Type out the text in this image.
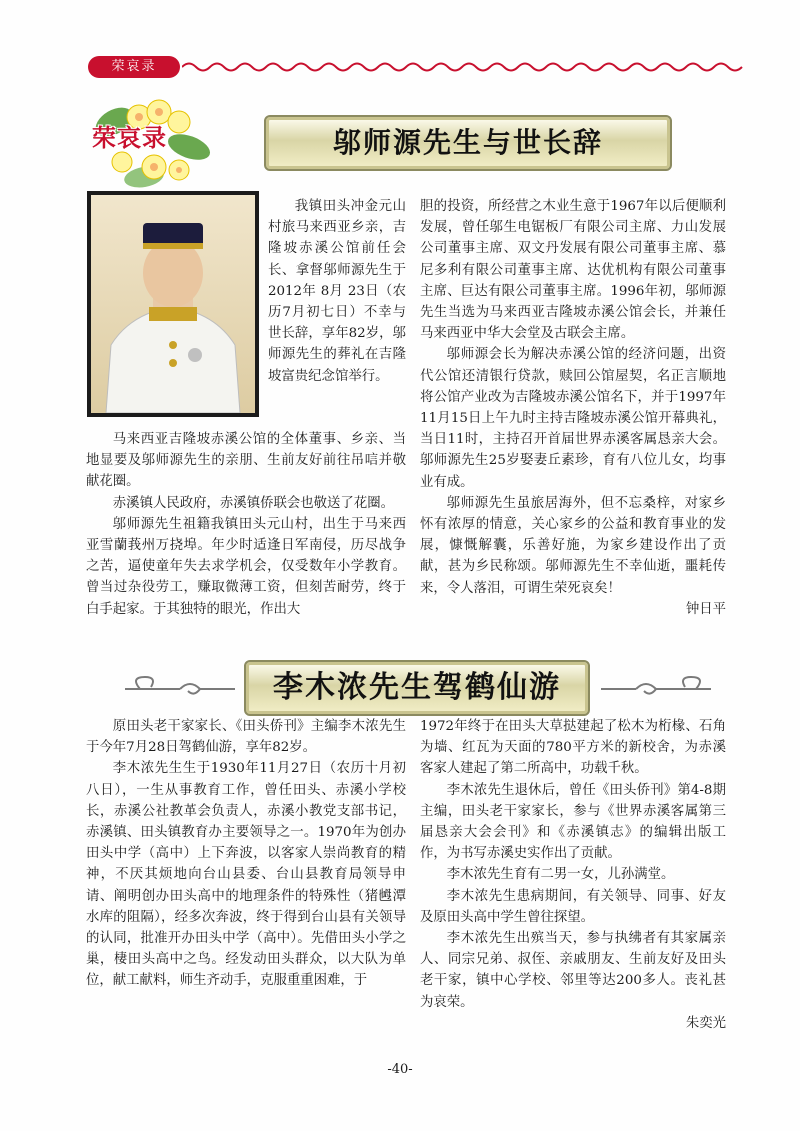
荣哀录
荣哀录	邬师源先生与世长辞

我镇田头冲金元山村旅马来西亚乡亲，吉隆坡赤溪公馆前任会长、拿督邬师源先生于2012年 8月 23日（农历7月初七日）不幸与世长辞，享年82岁，邬师源先生的葬礼在吉隆坡富贵纪念馆举行。

马来西亚吉隆坡赤溪公馆的全体董事、乡亲、当地显要及邬师源先生的亲朋、生前友好前往吊唁并敬献花圈。

赤溪镇人民政府，赤溪镇侨联会也敬送了花圈。

邬师源先生祖籍我镇田头元山村，出生于马来西亚雪蘭莪州万挠埠。年少时适逢日军南侵，历尽战争之苦，逼使童年失去求学机会，仅受数年小学教育。曾当过杂役劳工，赚取微薄工资，但刻苦耐劳，终于白手起家。于其独特的眼光，作出大

胆的投资，所经营之木业生意于1967年以后便顺利发展，曾任邬生电锯板厂有限公司主席、力山发展公司董事主席、双文丹发展有限公司董事主席、慕尼多利有限公司董事主席、达优机构有限公司董事主席、巨达有限公司董事主席。1996年初，邬师源先生当选为马来西亚吉隆坡赤溪公馆会长，并兼任马来西亚中华大会堂及古联会主席。

邬师源会长为解决赤溪公馆的经济问题，出资代公馆还清银行贷款，赎回公馆屋契，名正言顺地将公馆产业改为吉隆坡赤溪公馆名下，并于1997年11月15日上午九时主持吉隆坡赤溪公馆开幕典礼，当日11时，主持召开首届世界赤溪客属恳亲大会。邬师源先生25岁娶妻丘素珍，育有八位儿女，均事业有成。

邬师源先生虽旅居海外，但不忘桑梓，对家乡怀有浓厚的情意，关心家乡的公益和教育事业的发展，慷慨解囊，乐善好施，为家乡建设作出了贡献，甚为乡民称颂。邬师源先生不幸仙逝，噩耗传来，令人落泪，可谓生荣死哀矣！

钟日平
李木浓先生驾鹤仙游

原田头老干家家长、《田头侨刊》主编李木浓先生于今年7月28日驾鹤仙游，享年82岁。

李木浓先生生于1930年11月27日（农历十月初八日），一生从事教育工作，曾任田头、赤溪小学校长，赤溪公社教革会负责人，赤溪小教党支部书记，赤溪镇、田头镇教育办主要领导之一。1970年为创办田头中学（高中）上下奔波，以客家人崇尚教育的精神，不厌其烦地向台山县委、台山县教育局领导申请、阐明创办田头高中的地理条件的特殊性（猪乸潭水库的阻隔），经多次奔波，终于得到台山县有关领导的认同，批准开办田头中学（高中）。先借田头小学之巢，棲田头高中之鸟。经发动田头群众，以大队为单位，献工献料，师生齐动手，克服重重困难，于

1972年终于在田头大草挞建起了松木为桁椽、石角为墙、红瓦为天面的780平方米的新校舍，为赤溪客家人建起了第二所高中，功载千秋。

李木浓先生退休后，曾任《田头侨刊》第4-8期主编，田头老干家家长，参与《世界赤溪客属第三届恳亲大会会刊》和《赤溪镇志》的编辑出版工作，为书写赤溪史实作出了贡献。

李木浓先生育有二男一女，儿孙满堂。

李木浓先生患病期间，有关领导、同事、好友及原田头高中学生曾往探望。

李木浓先生出殡当天，参与执绋者有其家属亲人、同宗兄弟、叔侄、亲戚朋友、生前友好及田头老干家，镇中心学校、邻里等达200多人。丧礼甚为哀荣。

朱奕光
-40-
